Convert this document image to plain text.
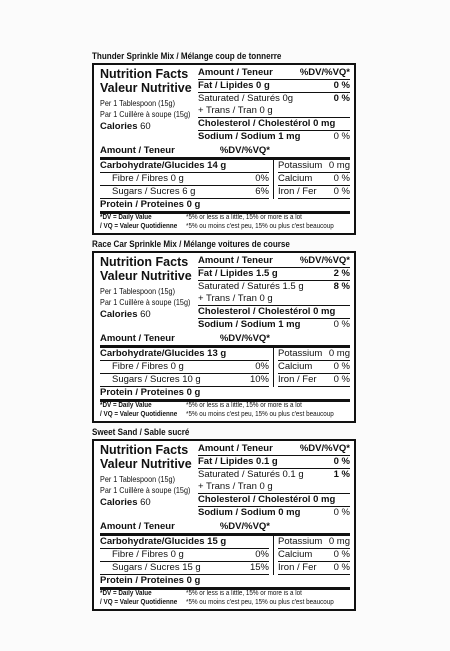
Thunder Sprinkle Mix / Mélange coup de tonnerre
Nutrition Facts
Valeur Nutritive
Per 1 Tablespoon (15g)
Par 1 Cuillère à soupe (15g)
Calories 60
Amount / Teneur	%DV/%VQ*
Fat / Lipides 0 g	0 %
Saturated / Saturés 0g	0 %
+ Trans / Tran 0 g
Cholesterol / Cholestérol 0 mg
Sodium / Sodium 1 mg	0 %
Amount / Teneur	%DV/%VQ*
Carbohydrate/Glucides 14 g
Fibre / Fibres 0 g	0%
Sugars / Sucres 6 g	6%
Potassium 0 mg
Calcium 0 %
Iron / Fer 0 %
Protein / Proteines 0 g
*DV = Daily Value
/ VQ = Valeur Quotidienne
*5% or less is a little, 15% or more is a lot
*5% ou moins c'est peu, 15% ou plus c'est beaucoup
Race Car Sprinkle Mix / Mélange voitures de course
Nutrition Facts
Valeur Nutritive
Per 1 Tablespoon (15g)
Par 1 Cuillère à soupe (15g)
Calories 60
Amount / Teneur	%DV/%VQ*
Fat / Lipides 1.5 g	2 %
Saturated / Saturés 1.5 g	8 %
+ Trans / Tran 0 g
Cholesterol / Cholestérol 0 mg
Sodium / Sodium 1 mg	0 %
Amount / Teneur	%DV/%VQ*
Carbohydrate/Glucides 13 g
Fibre / Fibres 0 g	0%
Sugars / Sucres 10 g	10%
Potassium 0 mg
Calcium 0 %
Iron / Fer 0 %
Protein / Proteines 0 g
*DV = Daily Value
/ VQ = Valeur Quotidienne
*5% or less is a little, 15% or more is a lot
*5% ou moins c'est peu, 15% ou plus c'est beaucoup
Sweet Sand / Sable sucré
Nutrition Facts
Valeur Nutritive
Per 1 Tablespoon (15g)
Par 1 Cuillère à soupe (15g)
Calories 60
Amount / Teneur	%DV/%VQ*
Fat / Lipides 0.1 g	0 %
Saturated / Saturés 0.1 g	1 %
+ Trans / Tran 0 g
Cholesterol / Cholestérol 0 mg
Sodium / Sodium 0 mg	0 %
Amount / Teneur	%DV/%VQ*
Carbohydrate/Glucides 15 g
Fibre / Fibres 0 g	0%
Sugars / Sucres 15 g	15%
Potassium 0 mg
Calcium 0 %
Iron / Fer 0 %
Protein / Proteines 0 g
*DV = Daily Value
/ VQ = Valeur Quotidienne
*5% or less is a little, 15% or more is a lot
*5% ou moins c'est peu, 15% ou plus c'est beaucoup
